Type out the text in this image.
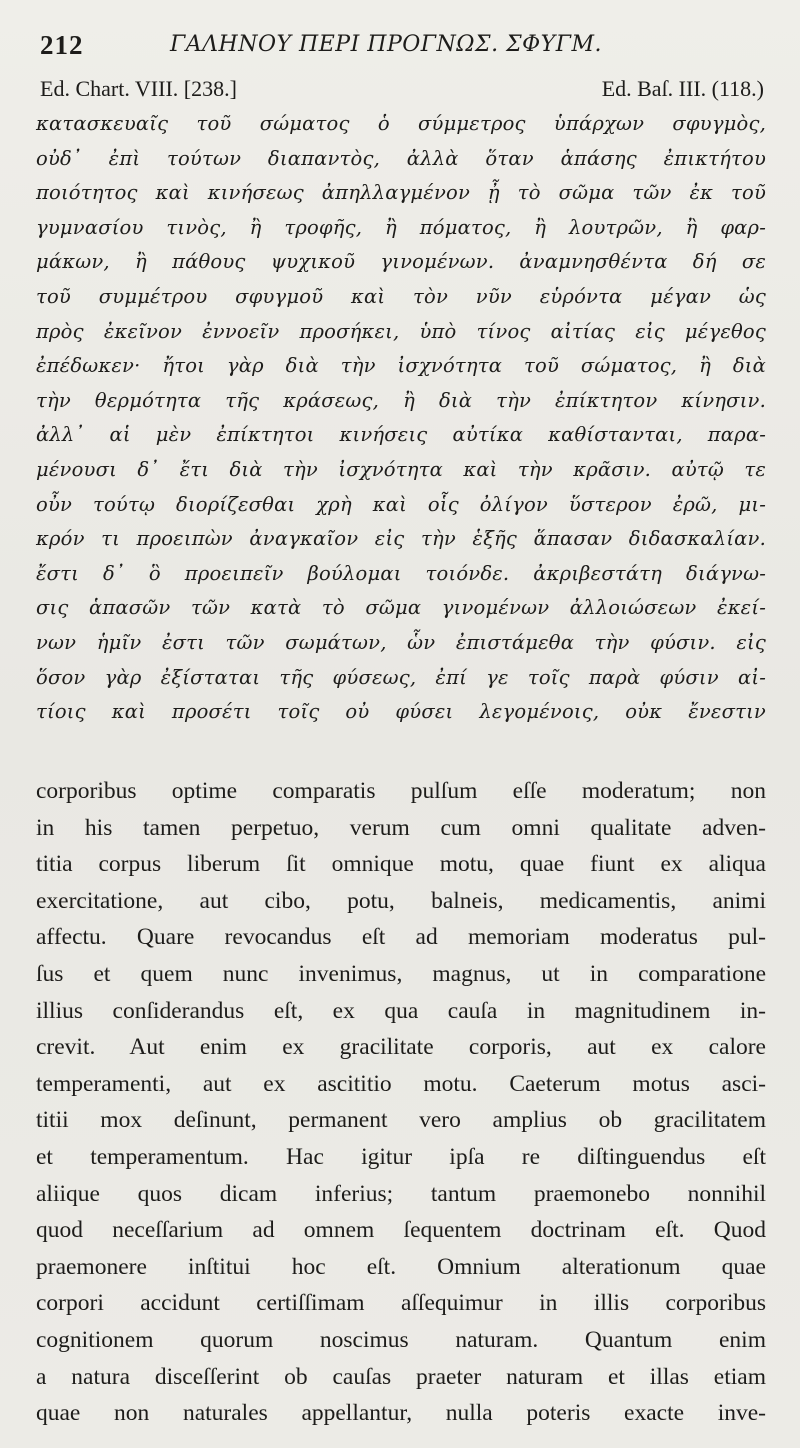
212	ΓΑΛΗΝΟΥ ΠΕΡΙ ΠΡΟΓΝΩΣ. ΣΦΥΓΜ.
Ed. Chart. VIII. [238.]	Ed. Baſ. III. (118.)
κατασκευαῖς τοῦ σώματος ὁ σύμμετρος ὑπάρχων σφυγμὸς,
οὐδ᾽ ἐπὶ τούτων διαπαντὸς, ἀλλὰ ὅταν ἁπάσης ἐπικτήτου
ποιότητος καὶ κινήσεως ἀπηλλαγμένον ᾖ τὸ σῶμα τῶν ἐκ τοῦ
γυμνασίου τινὸς, ἢ τροφῆς, ἢ πόματος, ἢ λουτρῶν, ἢ φαρ-
μάκων, ἢ πάθους ψυχικοῦ γινομένων. ἀναμνησθέντα δή σε
τοῦ συμμέτρου σφυγμοῦ καὶ τὸν νῦν εὑρόντα μέγαν ὡς
πρὸς ἐκεῖνον ἐννοεῖν προσήκει, ὑπὸ τίνος αἰτίας εἰς μέγεθος
ἐπέδωκεν· ἤτοι γὰρ διὰ τὴν ἰσχνότητα τοῦ σώματος, ἢ διὰ
τὴν θερμότητα τῆς κράσεως, ἢ διὰ τὴν ἐπίκτητον κίνησιν.
ἀλλ᾽ αἱ μὲν ἐπίκτητοι κινήσεις αὐτίκα καθίστανται, παρα-
μένουσι δ᾽ ἔτι διὰ τὴν ἰσχνότητα καὶ τὴν κρᾶσιν. αὐτῷ τε
οὖν τούτῳ διορίζεσθαι χρὴ καὶ οἷς ὀλίγον ὕστερον ἐρῶ, μι-
κρόν τι προειπὼν ἀναγκαῖον εἰς τὴν ἑξῆς ἅπασαν διδασκαλίαν.
ἔστι δ᾽ ὃ προειπεῖν βούλομαι τοιόνδε. ἀκριβεστάτη διάγνω-
σις ἁπασῶν τῶν κατὰ τὸ σῶμα γινομένων ἀλλοιώσεων ἐκεί-
νων ἡμῖν ἐστι τῶν σωμάτων, ὧν ἐπιστάμεθα τὴν φύσιν. εἰς
ὅσον γὰρ ἐξίσταται τῆς φύσεως, ἐπί γε τοῖς παρὰ φύσιν αἰ-
τίοις καὶ προσέτι τοῖς οὐ φύσει λεγομένοις, οὐκ ἔνεστιν
corporibus optime comparatis pulſum eſſe moderatum; non
in his tamen perpetuo, verum cum omni qualitate adven-
titia corpus liberum ſit omnique motu, quae fiunt ex aliqua
exercitatione, aut cibo, potu, balneis, medicamentis, animi
affectu. Quare revocandus eſt ad memoriam moderatus pul-
ſus et quem nunc invenimus, magnus, ut in comparatione
illius conſiderandus eſt, ex qua cauſa in magnitudinem in-
crevit. Aut enim ex gracilitate corporis, aut ex calore
temperamenti, aut ex ascititio motu. Caeterum motus asci-
titii mox deſinunt, permanent vero amplius ob gracilitatem
et temperamentum. Hac igitur ipſa re diſtinguendus eſt
aliique quos dicam inferius; tantum praemonebo nonnihil
quod neceſſarium ad omnem ſequentem doctrinam eſt. Quod
praemonere inſtitui hoc eſt. Omnium alterationum quae
corpori accidunt certiſſimam aſſequimur in illis corporibus
cognitionem quorum noscimus naturam. Quantum enim
a natura disceſſerint ob cauſas praeter naturam et illas etiam
quae non naturales appellantur, nulla poteris exacte inve-
